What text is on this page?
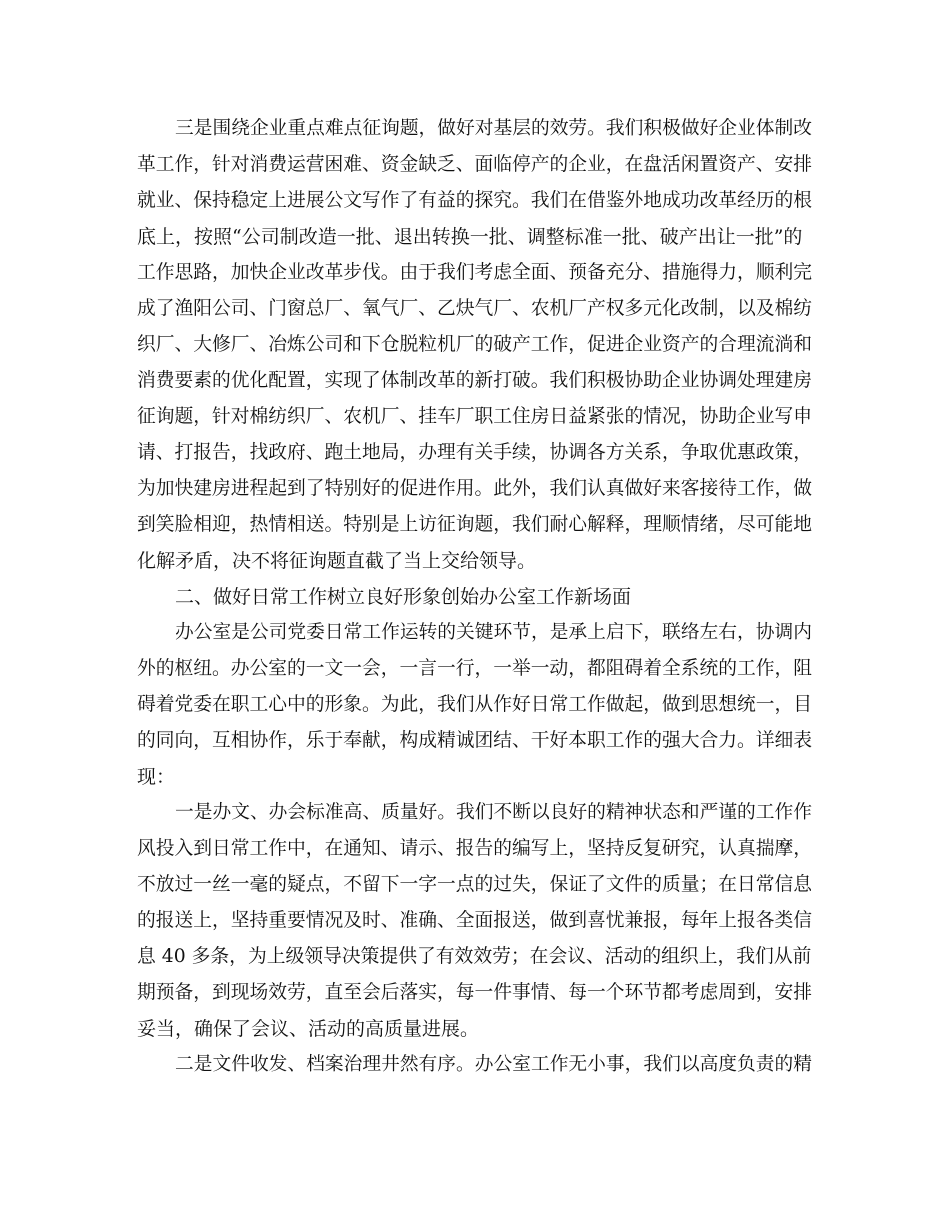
三是围绕企业重点难点征询题，做好对基层的效劳。我们积极做好企业体制改
革工作，针对消费运营困难、资金缺乏、面临停产的企业，在盘活闲置资产、安排
就业、保持稳定上进展公文写作了有益的探究。我们在借鉴外地成功改革经历的根
底上，按照“公司制改造一批、退出转换一批、调整标准一批、破产出让一批”的
工作思路，加快企业改革步伐。由于我们考虑全面、预备充分、措施得力，顺利完
成了渔阳公司、门窗总厂、氧气厂、乙炔气厂、农机厂产权多元化改制，以及棉纺
织厂、大修厂、冶炼公司和下仓脱粒机厂的破产工作，促进企业资产的合理流淌和
消费要素的优化配置，实现了体制改革的新打破。我们积极协助企业协调处理建房
征询题，针对棉纺织厂、农机厂、挂车厂职工住房日益紧张的情况，协助企业写申
请、打报告，找政府、跑土地局，办理有关手续，协调各方关系，争取优惠政策，
为加快建房进程起到了特别好的促进作用。此外，我们认真做好来客接待工作，做
到笑脸相迎，热情相送。特别是上访征询题，我们耐心解释，理顺情绪，尽可能地
化解矛盾，决不将征询题直截了当上交给领导。
二、做好日常工作树立良好形象创始办公室工作新场面
办公室是公司党委日常工作运转的关键环节，是承上启下，联络左右，协调内
外的枢纽。办公室的一文一会，一言一行，一举一动，都阻碍着全系统的工作，阻
碍着党委在职工心中的形象。为此，我们从作好日常工作做起，做到思想统一，目
的同向，互相协作，乐于奉献，构成精诚团结、干好本职工作的强大合力。详细表
现：
一是办文、办会标准高、质量好。我们不断以良好的精神状态和严谨的工作作
风投入到日常工作中，在通知、请示、报告的编写上，坚持反复研究，认真揣摩，
不放过一丝一毫的疑点，不留下一字一点的过失，保证了文件的质量；在日常信息
的报送上，坚持重要情况及时、准确、全面报送，做到喜忧兼报，每年上报各类信
息 40 多条，为上级领导决策提供了有效效劳；在会议、活动的组织上，我们从前
期预备，到现场效劳，直至会后落实，每一件事情、每一个环节都考虑周到，安排
妥当，确保了会议、活动的高质量进展。
二是文件收发、档案治理井然有序。办公室工作无小事，我们以高度负责的精
